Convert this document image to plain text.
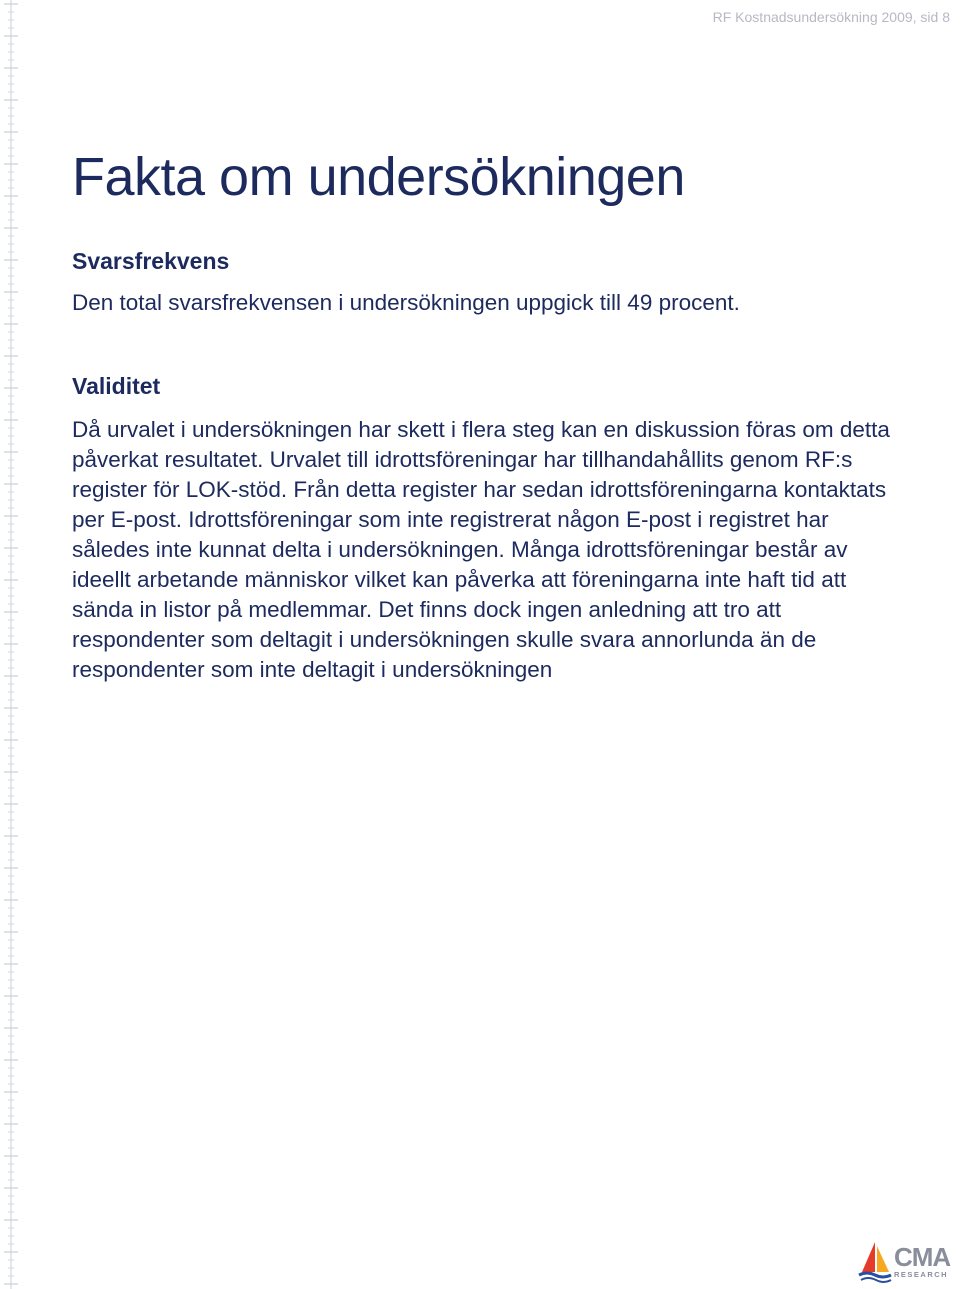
RF Kostnadsundersökning 2009, sid 8
Fakta om undersökningen
Svarsfrekvens

Den total svarsfrekvensen i undersökningen uppgick till 49 procent.

Validitet

Då urvalet i undersökningen har skett i flera steg kan en diskussion föras om detta påverkat resultatet. Urvalet till idrottsföreningar har tillhandahållits genom RF:s register för LOK-stöd. Från detta register har sedan idrottsföreningarna kontaktats per E-post. Idrottsföreningar som inte registrerat någon E-post i registret har således inte kunnat delta i undersökningen. Många idrottsföreningar består av ideellt arbetande människor vilket kan påverka att föreningarna inte haft tid att sända in listor på medlemmar. Det finns dock ingen anledning att tro att respondenter som deltagit i undersökningen skulle svara annorlunda än de respondenter som inte deltagit i undersökningen

CMA
RESEARCH
